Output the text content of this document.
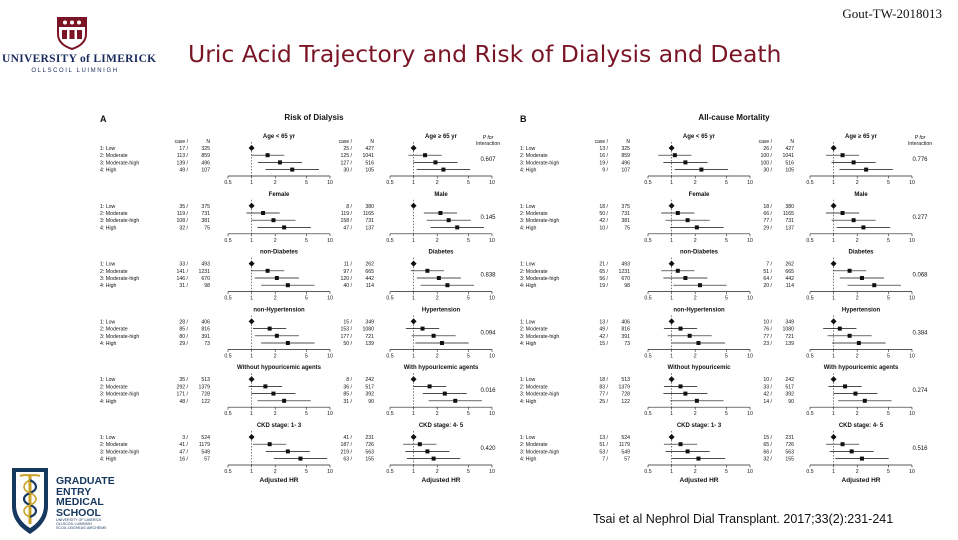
Gout-TW-2018013
UNIVERSITY of LIMERICK
OLLSCOIL LUIMNIGH
Uric Acid Trajectory and Risk of Dialysis and Death
A	Risk of Dialysis
Age < 65 yr
case /	N
0.5	1	2	5	10
1: Low	17 /	325
2: Moderate	113 /	859
3: Moderate-high	139 /	496
4: High	49 /	107
Age ≥ 65 yr
case /	N
0.5	1	2	5	10
25 /	427
125 / 1041
127 /	516
30 /	105
P for
Interaction
0.607
Female
0.5	1	2	5	10
1: Low	35 /	375
2: Moderate	119 /	731
3: Moderate-high	108 /	381
4: High	32 /	75
Male
0.5	1	2	5	10
8 /	380
119 / 1165
158 /	731
47 /	137
0.145
non-Diabetes
0.5	1	2	5	10
1: Low	33 /	493
2: Moderate	141 / 1231
3: Moderate-high	146 /	670
4: High	31 /	98
Diabetes
0.5	1	2	5	10
11 /	262
97 /	665
120 /	442
40 /	114
0.838
non-Hypertension
0.5	1	2	5	10
1: Low	28 /	406
2: Moderate	85 /	816
3: Moderate-high	80 /	391
4: High	29 /	73
Hypertension
0.5	1	2	5	10
15 /	349
153 / 1080
177 /	721
50 /	139
0.094
Without hypouricemic agents
0.5	1	2	5	10
1: Low	35 /	513
2: Moderate	292 / 1379
3: Moderate-high	171 /	728
4: High	48 /	122
With hypouricemic agents
0.5	1	2	5	10
8 /	242
36 /	517
85 /	392
31 /	90
0.016
CKD stage: 1- 3
0.5	1	2	5	10
1: Low	3 /	524
2: Moderate	41 / 1179
3: Moderate-high	47 /	549
4: High	16 /	57
Adjusted HR
CKD stage: 4- 5
0.5	1	2	5	10
41 /	231
187 /	726
219 /	563
63 /	155
Adjusted HR
0.420
B	All-cause Mortality
Age < 65 yr
case /	N
0.5	1	2	5	10
1: Low	13 /	325
2: Moderate	16 /	859
3: Moderate-high	19 /	496
4: High	9 /	107
Age ≥ 65 yr
case /	N
0.5	1	2	5	10
26 /	427
100 / 1041
100 /	516
30 /	105
P for
Interaction
0.776
Female
0.5	1	2	5	10
1: Low	18 /	375
2: Moderate	50 /	731
3: Moderate-high	42 /	381
4: High	10 /	75
Male
0.5	1	2	5	10
18 /	380
66 / 1165
77 /	731
29 /	137
0.277
non-Diabetes
0.5	1	2	5	10
1: Low	21 /	493
2: Moderate	65 / 1231
3: Moderate-high	56 /	670
4: High	19 /	98
Diabetes
0.5	1	2	5	10
7 /	262
51 /	665
64 /	442
20 /	114
0.068
non-Hypertension
0.5	1	2	5	10
1: Low	13 /	406
2: Moderate	49 /	816
3: Moderate-high	42 /	391
4: High	15 /	73
Hypertension
0.5	1	2	5	10
10 /	349
76 / 1080
77 /	721
23 /	139
0.384
Without hypouricemic
0.5	1	2	5	10
1: Low	18 /	513
2: Moderate	83 / 1379
3: Moderate-high	77 /	728
4: High	25 /	122
With hypouricemic agents
0.5	1	2	5	10
10 /	242
33 /	517
42 /	392
14 /	90
0.274
CKD stage: 1- 3
0.5	1	2	5	10
1: Low	13 /	524
2: Moderate	51 / 1179
3: Moderate-high	53 /	549
4: High	7 /	57
Adjusted HR
CKD stage: 4- 5
0.5	1	2	5	10
15 /	231
65 /	726
66 /	563
32 /	155
Adjusted HR
0.516
GRADUATE
ENTRY
MEDICAL
SCHOOL
UNIVERSITY OF LIMERICK
OLLSCOIL LUIMNIGH
SCOIL LEIGHEAS IARCHÉIME
Tsai et al Nephrol Dial Transplant. 2017;33(2):231-241
